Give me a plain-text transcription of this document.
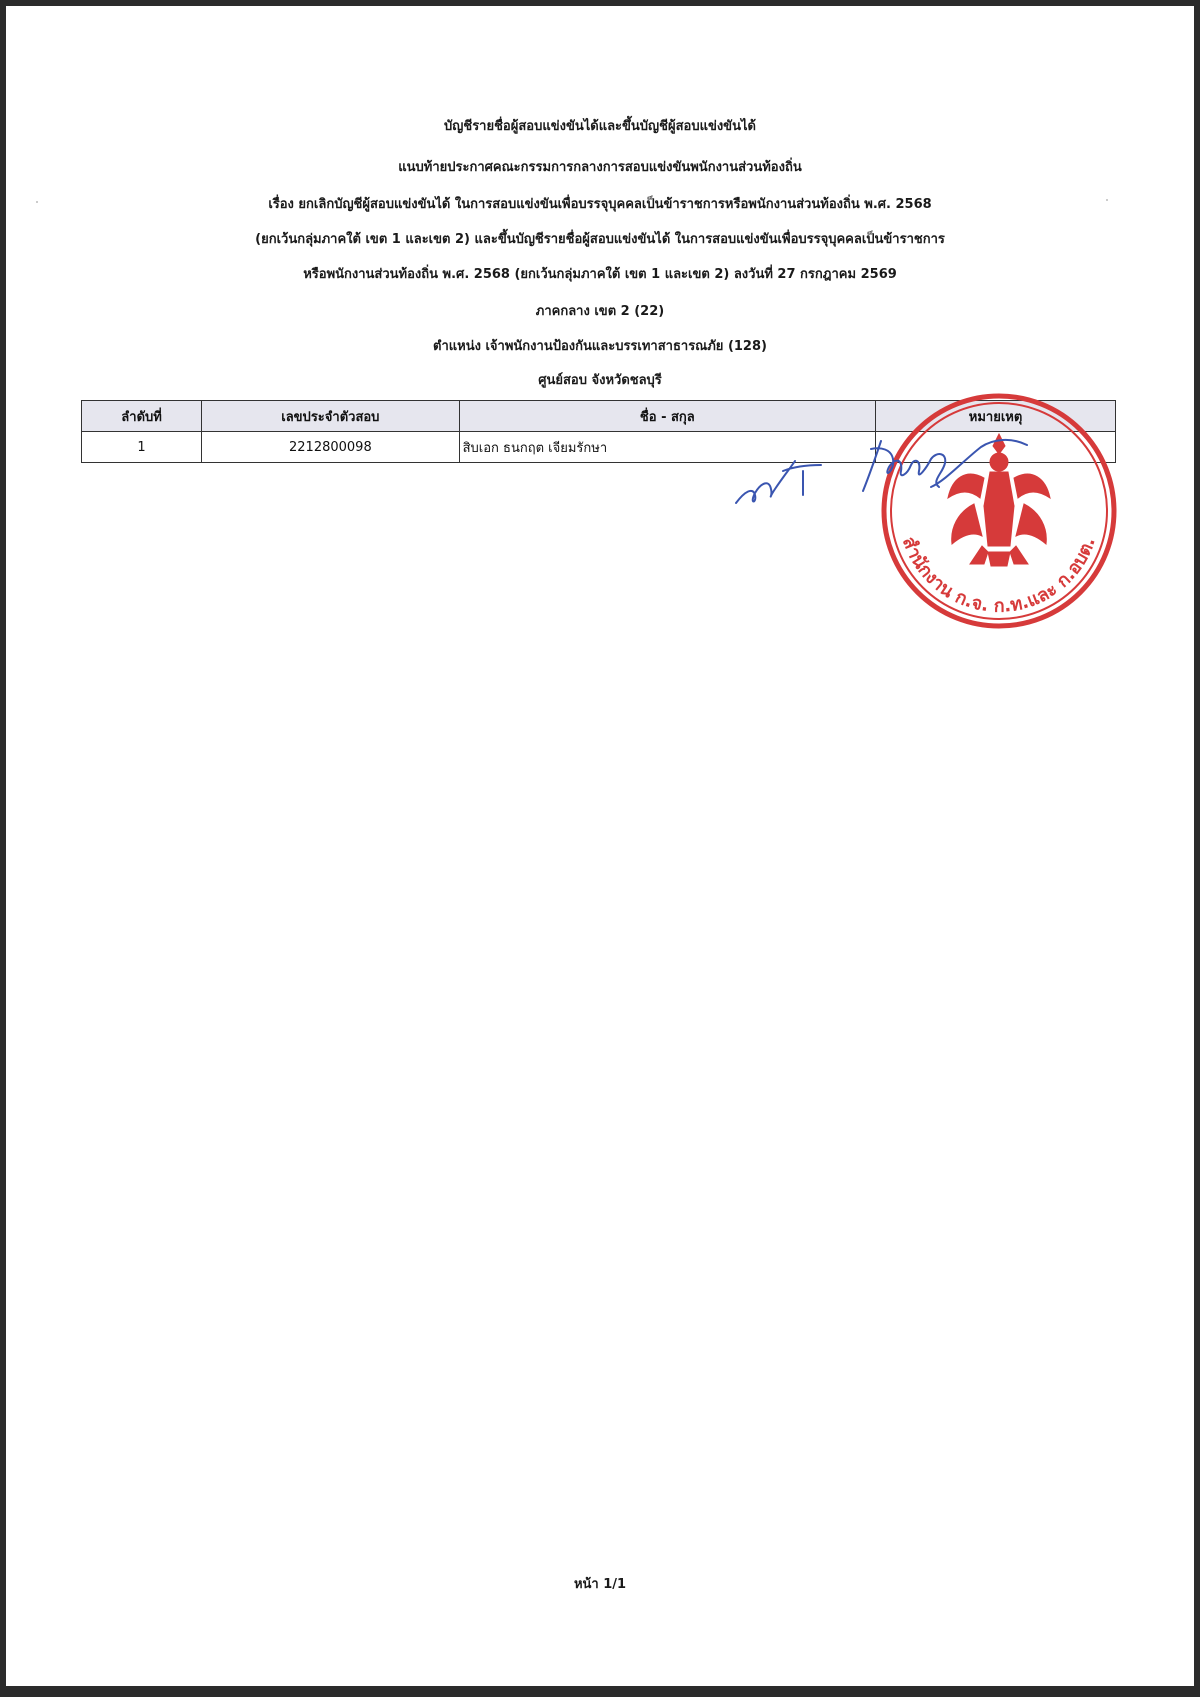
บัญชีรายชื่อผู้สอบแข่งขันได้และขึ้นบัญชีผู้สอบแข่งขันได้
แนบท้ายประกาศคณะกรรมการกลางการสอบแข่งขันพนักงานส่วนท้องถิ่น
เรื่อง ยกเลิกบัญชีผู้สอบแข่งขันได้ ในการสอบแข่งขันเพื่อบรรจุบุคคลเป็นข้าราชการหรือพนักงานส่วนท้องถิ่น พ.ศ. 2568
(ยกเว้นกลุ่มภาคใต้ เขต 1 และเขต 2) และขึ้นบัญชีรายชื่อผู้สอบแข่งขันได้ ในการสอบแข่งขันเพื่อบรรจุบุคคลเป็นข้าราชการ
หรือพนักงานส่วนท้องถิ่น พ.ศ. 2568 (ยกเว้นกลุ่มภาคใต้ เขต 1 และเขต 2) ลงวันที่ 27 กรกฎาคม 2569
ภาคกลาง เขต 2 (22)
ตำแหน่ง เจ้าพนักงานป้องกันและบรรเทาสาธารณภัย (128)
ศูนย์สอบ จังหวัดชลบุรี
ลำดับที่	เลขประจำตัวสอบ	ชื่อ - สกุล	หมายเหตุ
1	2212800098	สิบเอก ธนกฤต เจียมรักษา	
สำนักงาน ก.จ. ก.ท.และ ก.อบต.
หน้า 1/1
